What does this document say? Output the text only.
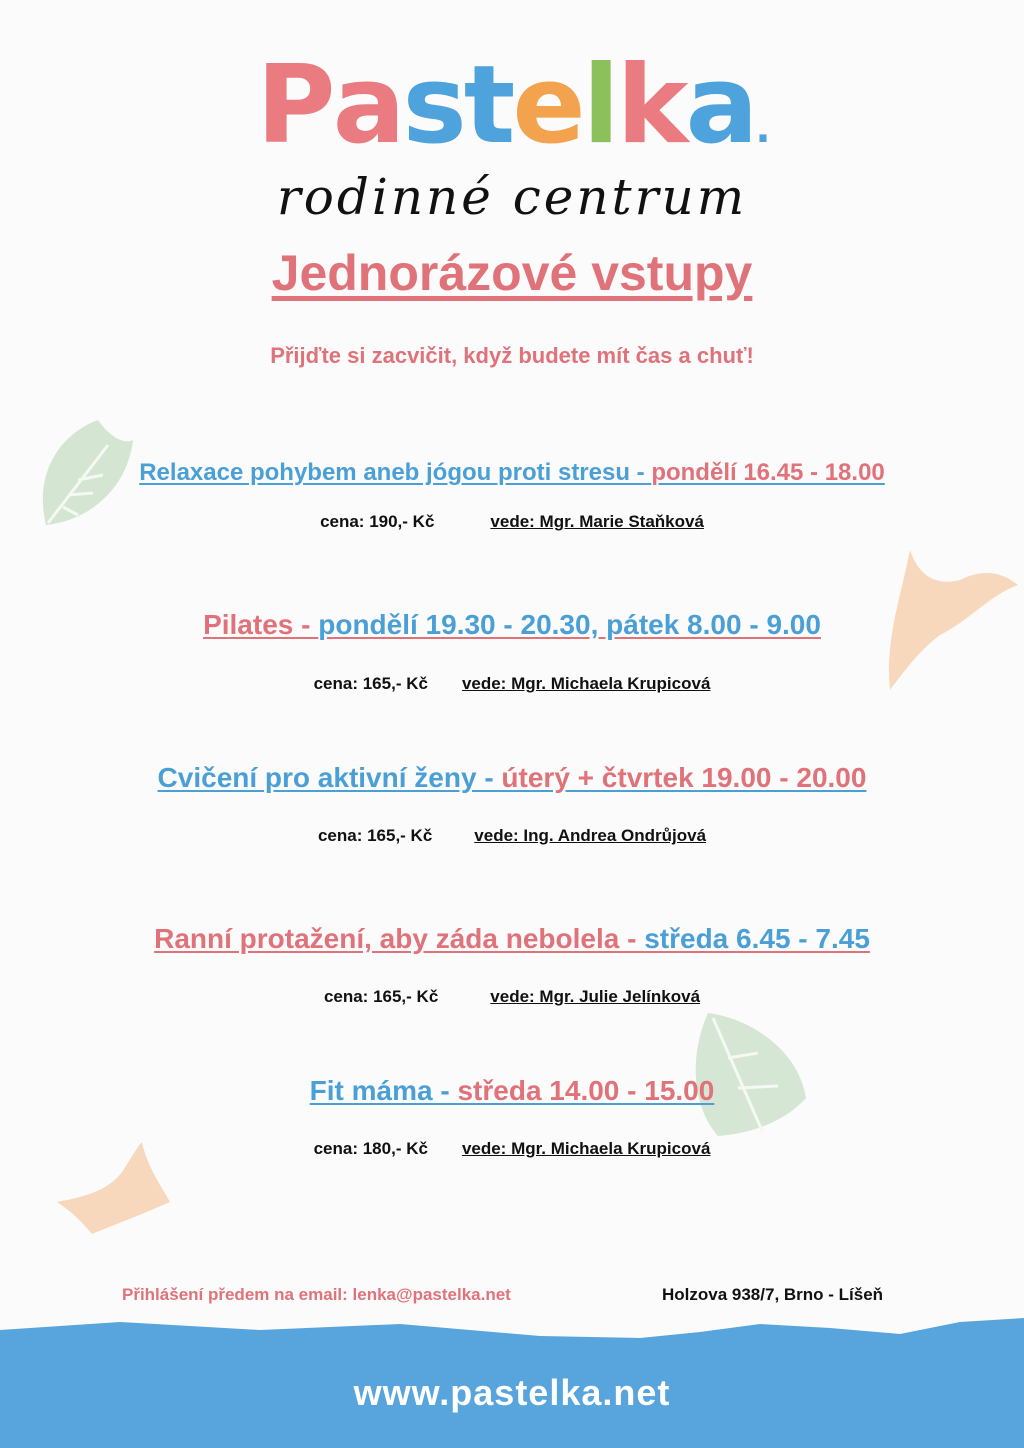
Pastelka.
rodinné centrum
Jednorázové vstupy
Přijďte si zacvičit, když budete mít čas a chuť!
Relaxace pohybem aneb jógou proti stresu - pondělí 16.45 - 18.00
cena: 190,- Kč	vede: Mgr. Marie Staňková
Pilates - pondělí 19.30 - 20.30, pátek 8.00 - 9.00
cena: 165,- Kč vede: Mgr. Michaela Krupicová
Cvičení pro aktivní ženy - úterý + čtvrtek 19.00 - 20.00
cena: 165,- Kč vede: Ing. Andrea Ondrůjová
Ranní protažení, aby záda nebolela - středa 6.45 - 7.45
cena: 165,- Kč	vede: Mgr. Julie Jelínková
Fit máma - středa 14.00 - 15.00
cena: 180,- Kč vede: Mgr. Michaela Krupicová
Přihlášení předem na email: lenka@pastelka.net	Holzova 938/7, Brno - Líšeň
www.pastelka.net
